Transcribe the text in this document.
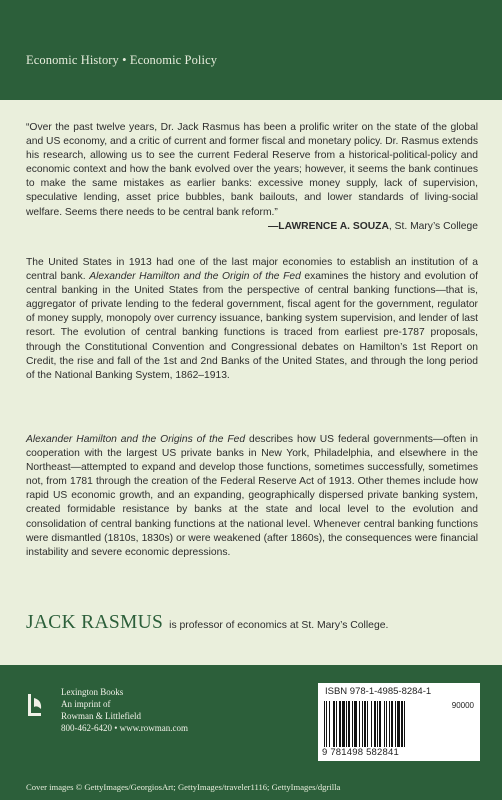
Economic History • Economic Policy
“Over the past twelve years, Dr. Jack Rasmus has been a prolific writer on the state of the global and US economy, and a critic of current and former fiscal and monetary policy. Dr. Rasmus extends his research, allowing us to see the current Federal Reserve from a historical-political-policy and economic context and how the bank evolved over the years; however, it seems the bank continues to make the same mistakes as earlier banks: excessive money supply, lack of supervision, speculative lending, asset price bubbles, bank bailouts, and lower standards of living-social welfare. Seems there needs to be central bank reform.”
—LAWRENCE A. SOUZA, St. Mary’s College
The United States in 1913 had one of the last major economies to establish an institution of a central bank. Alexander Hamilton and the Origin of the Fed examines the history and evolution of central banking in the United States from the perspective of central banking functions—that is, aggregator of private lending to the federal government, fiscal agent for the government, regulator of money supply, monopoly over currency issuance, banking system supervision, and lender of last resort. The evolution of central banking functions is traced from earliest pre-1787 proposals, through the Constitutional Convention and Congressional debates on Hamilton’s 1st Report on Credit, the rise and fall of the 1st and 2nd Banks of the United States, and through the long period of the National Banking System, 1862–1913.
Alexander Hamilton and the Origins of the Fed describes how US federal governments—often in cooperation with the largest US private banks in New York, Philadelphia, and elsewhere in the Northeast—attempted to expand and develop those functions, sometimes successfully, sometimes not, from 1781 through the creation of the Federal Reserve Act of 1913. Other themes include how rapid US economic growth, and an expanding, geographically dispersed private banking system, created formidable resistance by banks at the state and local level to the evolution and consolidation of central banking functions at the national level. Whenever central banking functions were dismantled (1810s, 1830s) or were weakened (after 1860s), the consequences were financial instability and severe economic depressions.
JACK RASMUS is professor of economics at St. Mary’s College.
Lexington Books
An imprint of
Rowman & Littlefield
800-462-6420 • www.rowman.com
ISBN 978-1-4985-8284-1
90000
9 781498 582841
Cover images © GettyImages/GeorgiosArt; GettyImages/traveler1116; GettyImages/dgrilla
